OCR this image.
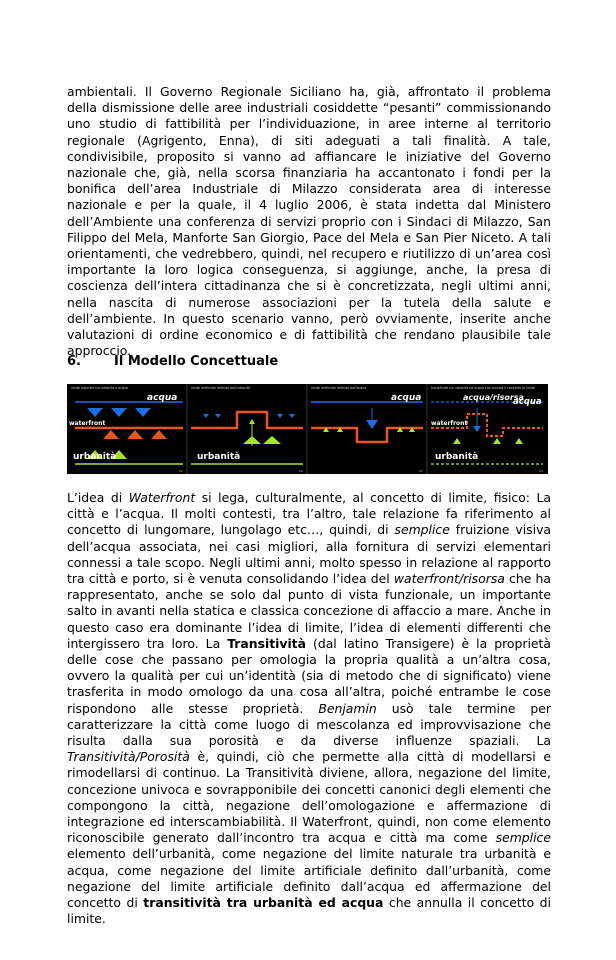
ambientali. Il Governo Regionale Siciliano ha, già, affrontato il problema
della dismissione delle aree industriali cosiddette “pesanti” commissionando
uno studio di fattibilità per l’individuazione, in aree interne al territorio
regionale (Agrigento, Enna), di siti adeguati a tali finalità. A tale,
condivisibile, proposito si vanno ad affiancare le iniziative del Governo
nazionale che, già, nella scorsa finanziaria ha accantonato i fondi per la
bonifica dell’area Industriale di Milazzo considerata area di interesse
nazionale e per la quale, il 4 luglio 2006, è stata indetta dal Ministero
dell’Ambiente una conferenza di servizi proprio con i Sindaci di Milazzo, San
Filippo del Mela, Manforte San Giorgio, Pace del Mela e San Pier Niceto. A tali
orientamenti, che vedrebbero, quindi, nel recupero e riutilizzo di un’area così
importante la loro logica conseguenza, si aggiunge, anche, la presa di
coscienza dell’intera cittadinanza che si è concretizzata, negli ultimi anni,
nella nascita di numerose associazioni per la tutela della salute e
dell’ambiente. In questo scenario vanno, però ovviamente, inserite anche
valutazioni di ordine economico e di fattibilità che rendano plausibile tale
approccio.
6.	Il Modello Concettuale
limite naturale tra urbanità e acqua	limite artificiale definito dall'urbanità	limite artificiale definito dall'acqua	transitività tra urbanità ed acqua che annulla il concetto di limite
acqua
waterfront
urbanità
01
urbanità
02
acqua
03
acqua/risorsa
acqua
waterfront
urbanità
04
L’idea di Waterfront si lega, culturalmente, al concetto di limite, fisico: La
città e l’acqua. Il molti contesti, tra l’altro, tale relazione fa riferimento al
concetto di lungomare, lungolago etc…, quindi, di semplice fruizione visiva
dell’acqua associata, nei casi migliori, alla fornitura di servizi elementari
connessi a tale scopo. Negli ultimi anni, molto spesso in relazione al rapporto
tra città e porto, si è venuta consolidando l’idea del waterfront/risorsa che ha
rappresentato, anche se solo dal punto di vista funzionale, un importante
salto in avanti nella statica e classica concezione di affaccio a mare. Anche in
questo caso era dominante l’idea di limite, l’idea di elementi differenti che
intergissero tra loro. La Transitività (dal latino Transigere) è la proprietà
delle cose che passano per omologia la propria qualità a un’altra cosa,
ovvero la qualità per cui un’identità (sia di metodo che di significato) viene
trasferita in modo omologo da una cosa all’altra, poiché entrambe le cose
rispondono alle stesse proprietà. Benjamin usò tale termine per
caratterizzare la città come luogo di mescolanza ed improvvisazione che
risulta dalla sua porosità e da diverse influenze spaziali. La
Transitività/Porosità è, quindi, ciò che permette alla città di modellarsi e
rimodellarsi di continuo. La Transitività diviene, allora, negazione del limite,
concezione univoca e sovrapponibile dei concetti canonici degli elementi che
compongono la città, negazione dell’omologazione e affermazione di
integrazione ed interscambiabilità. Il Waterfront, quindi, non come elemento
riconoscibile generato dall’incontro tra acqua e città ma come semplice
elemento dell’urbanità, come negazione del limite naturale tra urbanità e
acqua, come negazione del limite artificiale definito dall’urbanità, come
negazione del limite artificiale definito dall’acqua ed affermazione del
concetto di transitività tra urbanità ed acqua che annulla il concetto di
limite.
